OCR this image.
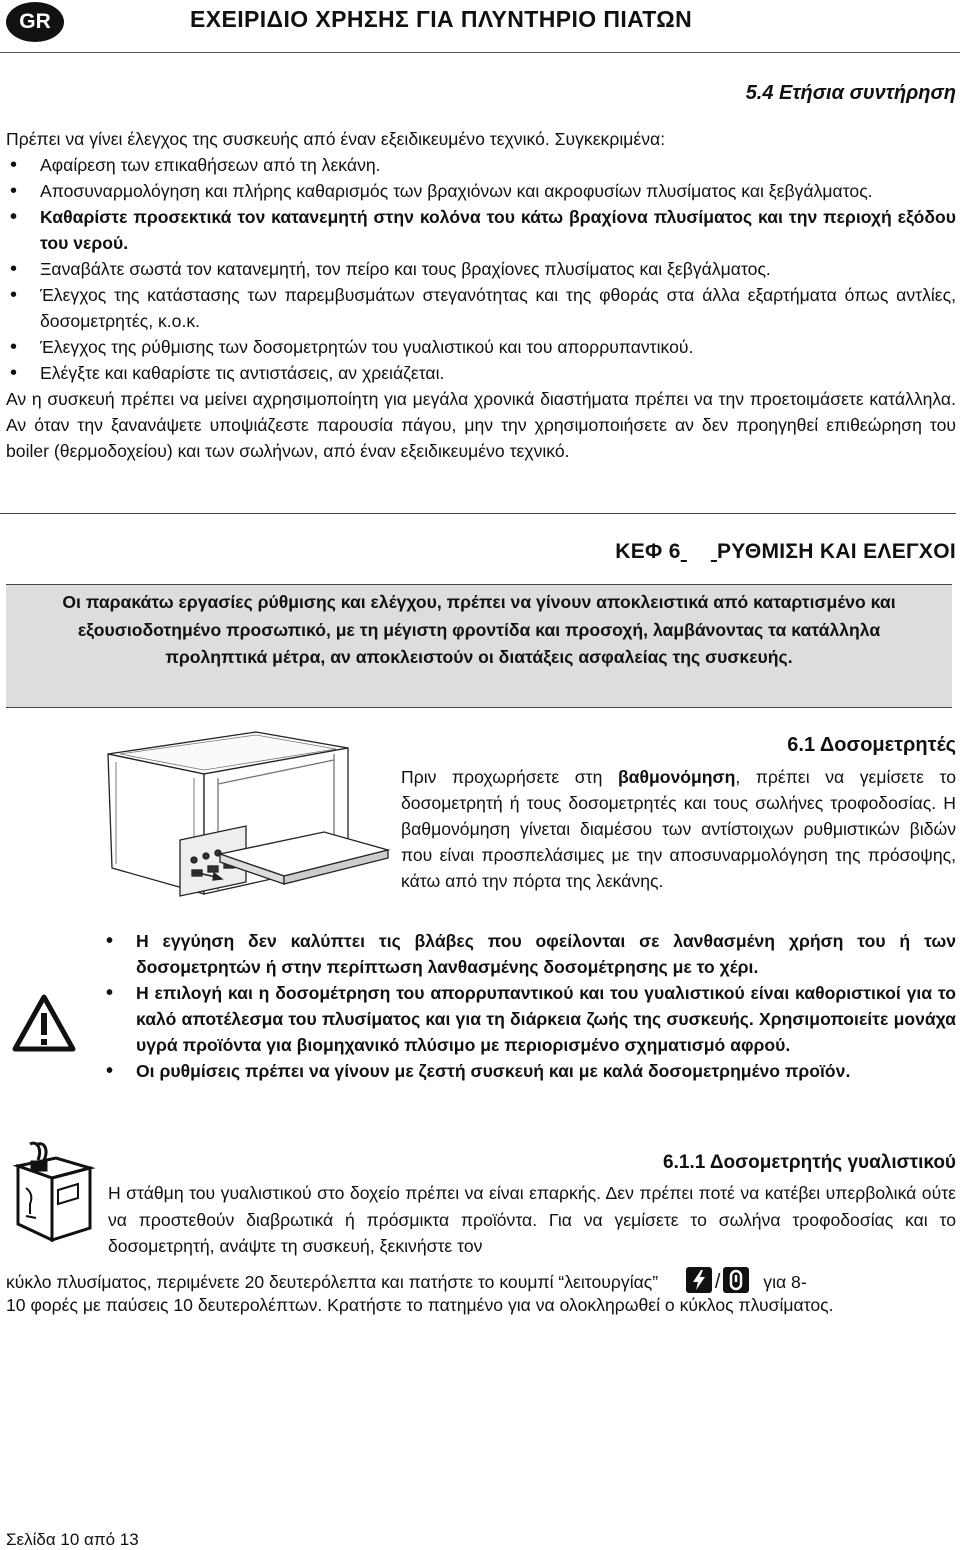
GR	ΕΧΕΙΡΙΔΙΟ ΧΡΗΣΗΣ ΓΙΑ ΠΛΥΝΤΗΡΙΟ ΠΙΑΤΩΝ
5.4 Ετήσια συντήρηση

Πρέπει να γίνει έλεγχος της συσκευής από έναν εξειδικευμένο τεχνικό. Συγκεκριμένα:

• Αφαίρεση των επικαθήσεων από τη λεκάνη.
• Αποσυναρμολόγηση και πλήρης καθαρισμός των βραχιόνων και ακροφυσίων πλυσίματος και ξεβγάλματος.
• Καθαρίστε προσεκτικά τον κατανεμητή στην κολόνα του κάτω βραχίονα πλυσίματος και την περιοχή εξόδου του νερού.
• Ξαναβάλτε σωστά τον κατανεμητή, τον πείρο και τους βραχίονες πλυσίματος και ξεβγάλματος.
• Έλεγχος της κατάστασης των παρεμβυσμάτων στεγανότητας και της φθοράς στα άλλα εξαρτήματα όπως αντλίες, δοσομετρητές, κ.ο.κ.
• Έλεγχος της ρύθμισης των δοσομετρητών του γυαλιστικού και του απορρυπαντικού.
• Ελέγξτε και καθαρίστε τις αντιστάσεις, αν χρειάζεται.

Αν η συσκευή πρέπει να μείνει αχρησιμοποίητη για μεγάλα χρονικά διαστήματα πρέπει να την προετοιμάσετε κατάλληλα. Αν όταν την ξανανάψετε υποψιάζεστε παρουσία πάγου, μην την χρησιμοποιήσετε αν δεν προηγηθεί επιθεώρηση του boiler (θερμοδοχείου) και των σωλήνων, από έναν εξειδικευμένο τεχνικό.

ΚΕΦ 6 ΡΥΘΜΙΣΗ ΚΑΙ ΕΛΕΓΧΟΙ

Οι παρακάτω εργασίες ρύθμισης και ελέγχου, πρέπει να γίνουν αποκλειστικά από καταρτισμένο και εξουσιοδοτημένο προσωπικό, με τη μέγιστη φροντίδα και προσοχή, λαμβάνοντας τα κατάλληλα προληπτικά μέτρα, αν αποκλειστούν οι διατάξεις ασφαλείας της συσκευής.

6.1 Δοσομετρητές
Πριν προχωρήσετε στη βαθμονόμηση, πρέπει να γεμίσετε το δοσομετρητή ή τους δοσομετρητές και τους σωλήνες τροφοδοσίας. Η βαθμονόμηση γίνεται διαμέσου των αντίστοιχων ρυθμιστικών βιδών που είναι προσπελάσιμες με την αποσυναρμολόγηση της πρόσοψης, κάτω από την πόρτα της λεκάνης.
• Η εγγύηση δεν καλύπτει τις βλάβες που οφείλονται σε λανθασμένη χρήση του ή των δοσομετρητών ή στην περίπτωση λανθασμένης δοσομέτρησης με το χέρι.
• Η επιλογή και η δοσομέτρηση του απορρυπαντικού και του γυαλιστικού είναι καθοριστικοί για το καλό αποτέλεσμα του πλυσίματος και για τη διάρκεια ζωής της συσκευής. Χρησιμοποιείτε μονάχα υγρά προϊόντα για βιομηχανικό πλύσιμο με περιορισμένο σχηματισμό αφρού.
• Οι ρυθμίσεις πρέπει να γίνουν με ζεστή συσκευή και με καλά δοσομετρημένο προϊόν.
6.1.1 Δοσομετρητής γυαλιστικού
Η στάθμη του γυαλιστικού στο δοχείο πρέπει να είναι επαρκής. Δεν πρέπει ποτέ να κατέβει υπερβολικά ούτε να προστεθούν διαβρωτικά ή πρόσμικτα προϊόντα. Για να γεμίσετε το σωλήνα τροφοδοσίας και το δοσομετρητή, ανάψτε τη συσκευή, ξεκινήστε τον
κύκλο πλυσίματος, περιμένετε 20 δευτερόλεπτα και πατήστε το κουμπί “λειτουργίας”	/ για 8-
10 φορές με παύσεις 10 δευτερολέπτων. Κρατήστε το πατημένο για να ολοκληρωθεί ο κύκλος πλυσίματος.
Σελίδα 10 από 13
